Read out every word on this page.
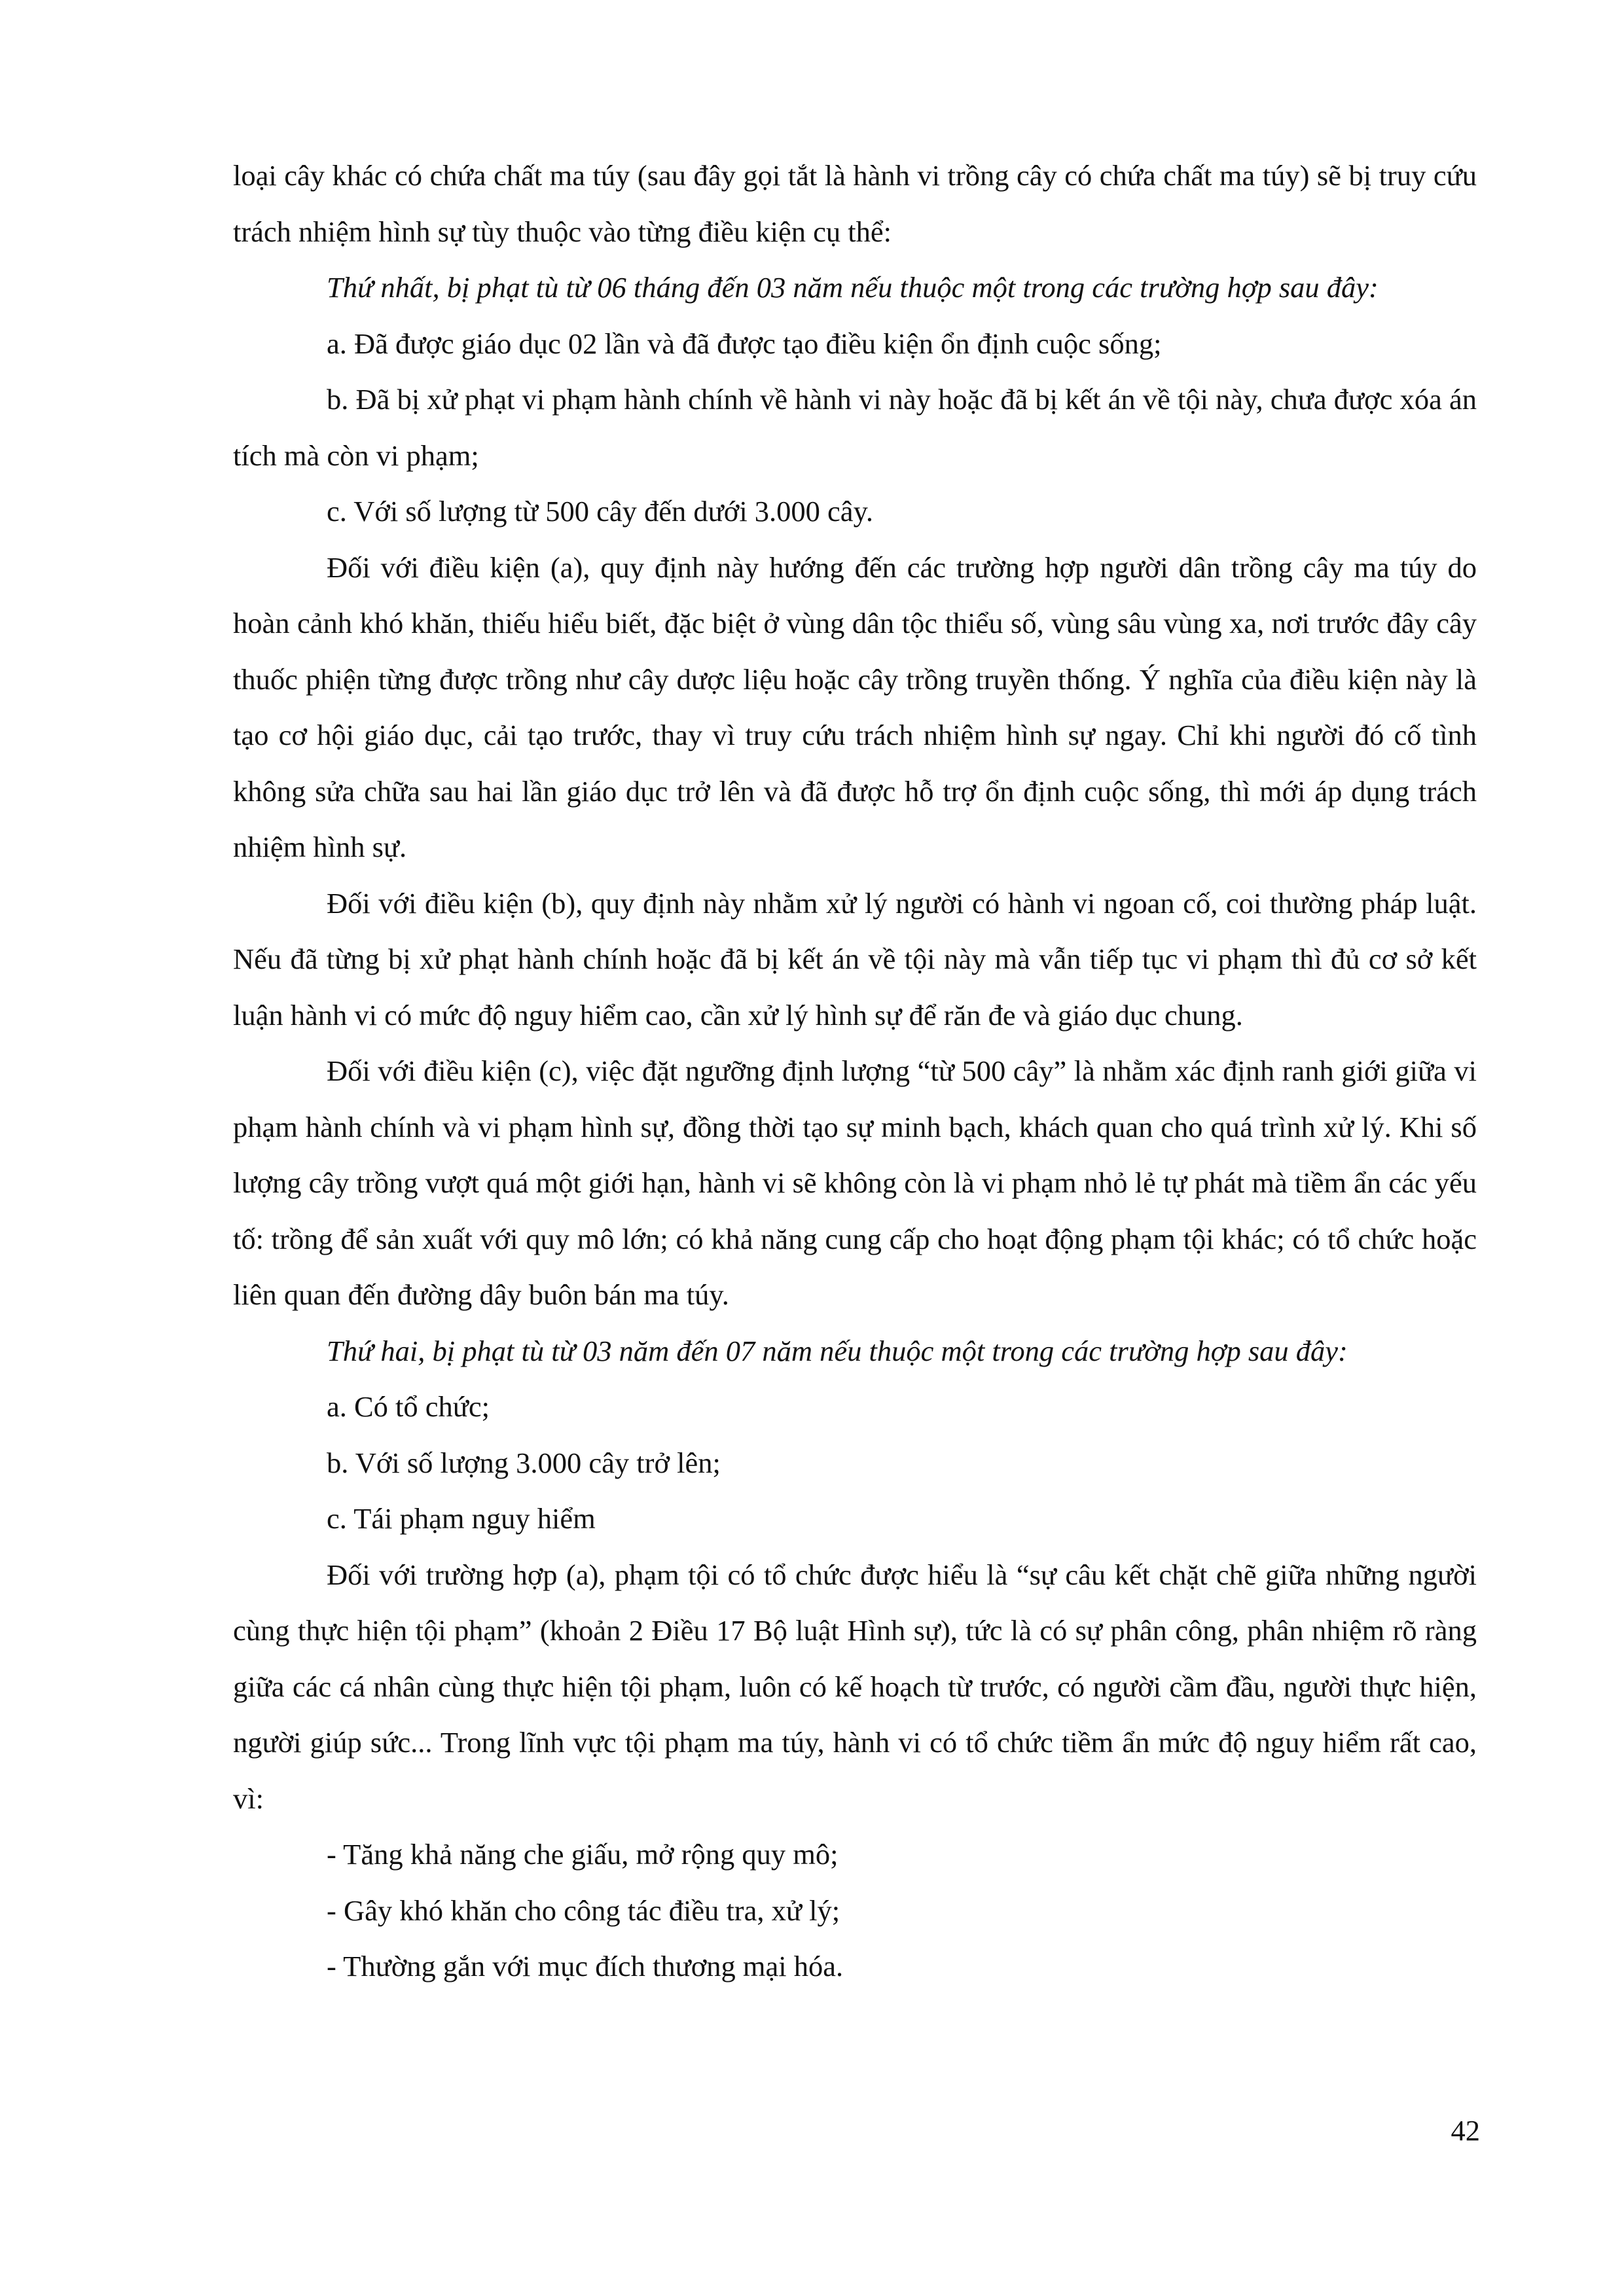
loại cây khác có chứa chất ma túy (sau đây gọi tắt là hành vi trồng cây có chứa chất ma túy) sẽ bị truy cứu trách nhiệm hình sự tùy thuộc vào từng điều kiện cụ thể:

Thứ nhất, bị phạt tù từ 06 tháng đến 03 năm nếu thuộc một trong các trường hợp sau đây:

a. Đã được giáo dục 02 lần và đã được tạo điều kiện ổn định cuộc sống;

b. Đã bị xử phạt vi phạm hành chính về hành vi này hoặc đã bị kết án về tội này, chưa được xóa án tích mà còn vi phạm;

c. Với số lượng từ 500 cây đến dưới 3.000 cây.

Đối với điều kiện (a), quy định này hướng đến các trường hợp người dân trồng cây ma túy do hoàn cảnh khó khăn, thiếu hiểu biết, đặc biệt ở vùng dân tộc thiểu số, vùng sâu vùng xa, nơi trước đây cây thuốc phiện từng được trồng như cây dược liệu hoặc cây trồng truyền thống. Ý nghĩa của điều kiện này là tạo cơ hội giáo dục, cải tạo trước, thay vì truy cứu trách nhiệm hình sự ngay. Chỉ khi người đó cố tình không sửa chữa sau hai lần giáo dục trở lên và đã được hỗ trợ ổn định cuộc sống, thì mới áp dụng trách nhiệm hình sự.

Đối với điều kiện (b), quy định này nhằm xử lý người có hành vi ngoan cố, coi thường pháp luật. Nếu đã từng bị xử phạt hành chính hoặc đã bị kết án về tội này mà vẫn tiếp tục vi phạm thì đủ cơ sở kết luận hành vi có mức độ nguy hiểm cao, cần xử lý hình sự để răn đe và giáo dục chung.

Đối với điều kiện (c), việc đặt ngưỡng định lượng “từ 500 cây” là nhằm xác định ranh giới giữa vi phạm hành chính và vi phạm hình sự, đồng thời tạo sự minh bạch, khách quan cho quá trình xử lý. Khi số lượng cây trồng vượt quá một giới hạn, hành vi sẽ không còn là vi phạm nhỏ lẻ tự phát mà tiềm ẩn các yếu tố: trồng để sản xuất với quy mô lớn; có khả năng cung cấp cho hoạt động phạm tội khác; có tổ chức hoặc liên quan đến đường dây buôn bán ma túy.

Thứ hai, bị phạt tù từ 03 năm đến 07 năm nếu thuộc một trong các trường hợp sau đây:

a. Có tổ chức;

b. Với số lượng 3.000 cây trở lên;

c. Tái phạm nguy hiểm

Đối với trường hợp (a), phạm tội có tổ chức được hiểu là “sự câu kết chặt chẽ giữa những người cùng thực hiện tội phạm” (khoản 2 Điều 17 Bộ luật Hình sự), tức là có sự phân công, phân nhiệm rõ ràng giữa các cá nhân cùng thực hiện tội phạm, luôn có kế hoạch từ trước, có người cầm đầu, người thực hiện, người giúp sức... Trong lĩnh vực tội phạm ma túy, hành vi có tổ chức tiềm ẩn mức độ nguy hiểm rất cao, vì:

- Tăng khả năng che giấu, mở rộng quy mô;

- Gây khó khăn cho công tác điều tra, xử lý;

- Thường gắn với mục đích thương mại hóa.

42
